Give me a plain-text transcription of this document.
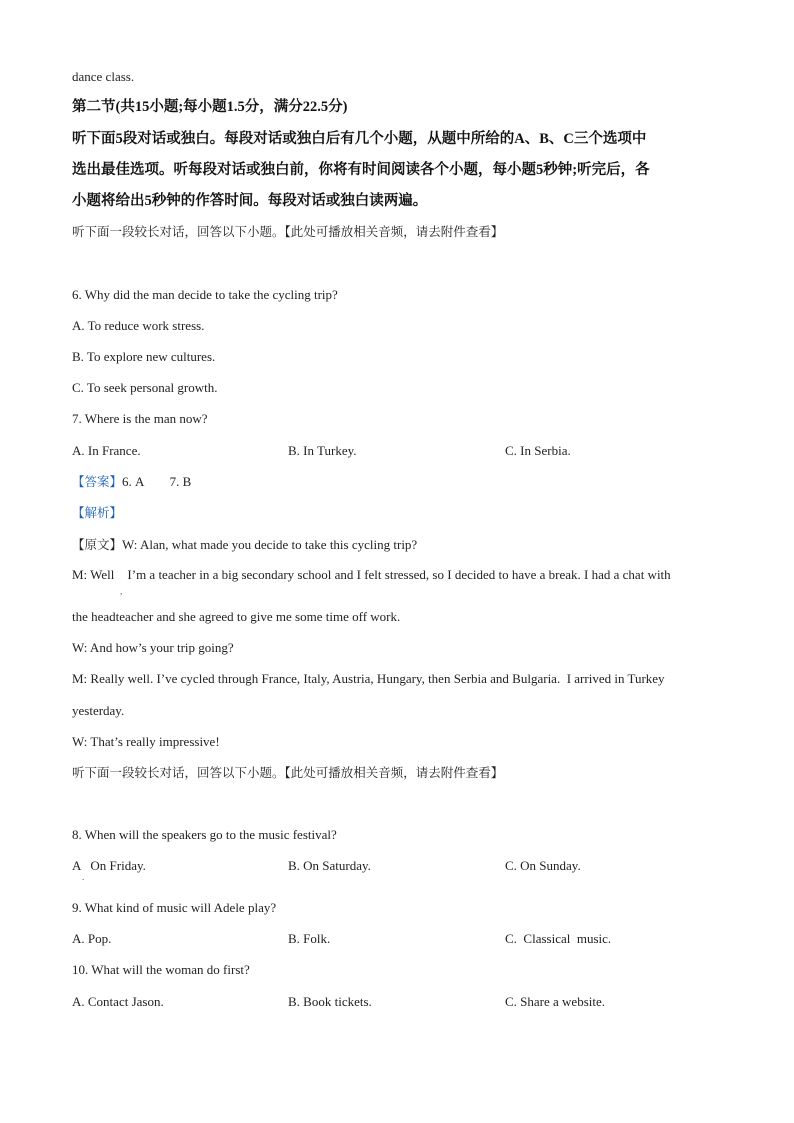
dance class.
第二节(共15小题;每小题1.5分，满分22.5分)
听下面5段对话或独白。每段对话或独白后有几个小题，从题中所给的A、B、C三个选项中
选出最佳选项。听每段对话或独白前，你将有时间阅读各个小题，每小题5秒钟;听完后，各
小题将给出5秒钟的作答时间。每段对话或独白读两遍。
听下面一段较长对话，回答以下小题。【此处可播放相关音频，请去附件查看】
6. Why did the man decide to take the cycling trip?
A. To reduce work stress.
B. To explore new cultures.
C. To seek personal growth.
7. Where is the man now?
A. In France.	B. In Turkey.	C. In Serbia.
【答案】6. A        7. B
【解析】
【原文】W: Alan, what made you decide to take this cycling trip?
M: Well    I’m a teacher in a big secondary school and I felt stressed, so I decided to have a break. I had a chat with
,
the headteacher and she agreed to give me some time off work.
W: And how’s your trip going?
M: Really well. I’ve cycled through France, Italy, Austria, Hungary, then Serbia and Bulgaria.  I arrived in Turkey
yesterday.
W: That’s really impressive!
听下面一段较长对话，回答以下小题。【此处可播放相关音频，请去附件查看】
8. When will the speakers go to the music festival?
A   On Friday.	B. On Saturday.	C. On Sunday.
.
9. What kind of music will Adele play?
A. Pop.	B. Folk.	C.  Classical  music.
10. What will the woman do first?
A. Contact Jason.	B. Book tickets.	C. Share a website.
